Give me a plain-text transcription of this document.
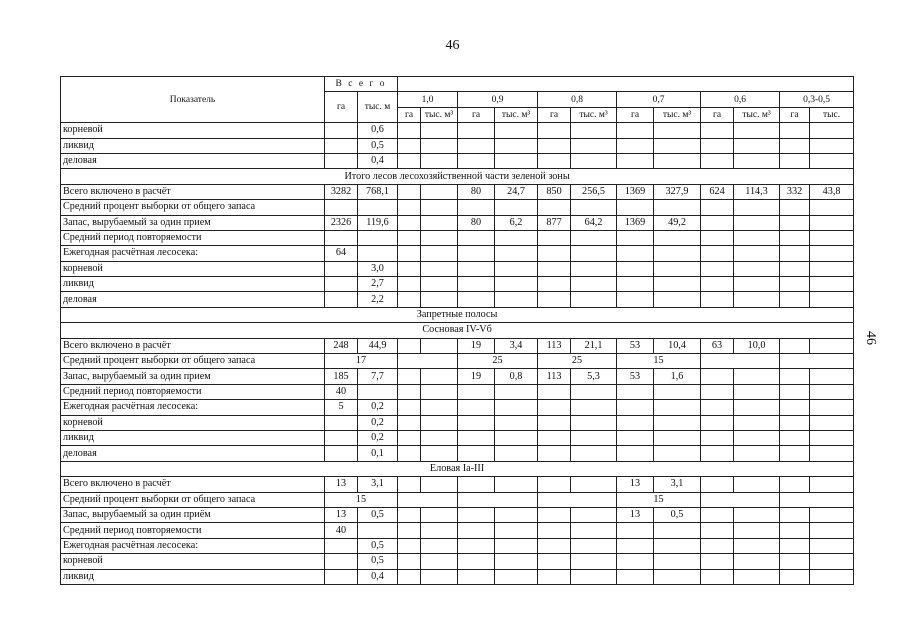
46
46
Показатель	В с е г о													
	га	тыс. м	1,0		0,9		0,8		0,7		0,6		0,3-0,5	
			га	тыс. м³	га	тыс. м³	га	тыс. м³	га	тыс. м³	га	тыс. м³	га	тыс.
корневой		0,6												
ликвид		0,5												
деловая		0,4												
Итого лесов лесохозяйственной части зеленой зоны														
Всего включено в расчёт	3282	768,1			80	24,7	850	256,5	1369	327,9	624	114,3	332	43,8
Средний процент выборки от общего запаса														
Запас, вырубаемый за один прием	2326	119,6			80	6,2	877	64,2	1369	49,2				
Средний период повторяемости														
Ежегодная расчётная лесосека:	64													
корневой		3,0												
ликвид		2,7												
деловая		2,2												
Запретные полосы														
Сосновая IV-Vб														
Всего включено в расчёт	248	44,9			19	3,4	113	21,1	53	10,4	63	10,0		
Средний процент выборки от общего запаса	17				25		25		15					
Запас, вырубаемый за один прием	185	7,7			19	0,8	113	5,3	53	1,6				
Средний период повторяемости	40													
Ежегодная расчётная лесосека:	5	0,2												
корневой		0,2												
ликвид		0,2												
деловая		0,1												
Еловая Iа-III														
Всего включено в расчёт	13	3,1							13	3,1				
Средний процент выборки от общего запаса	15								15					
Запас, вырубаемый за один приём	13	0,5							13	0,5				
Средний период повторяемости	40													
Ежегодная расчётная лесосека:		0,5												
корневой		0,5												
ликвид		0,4												
